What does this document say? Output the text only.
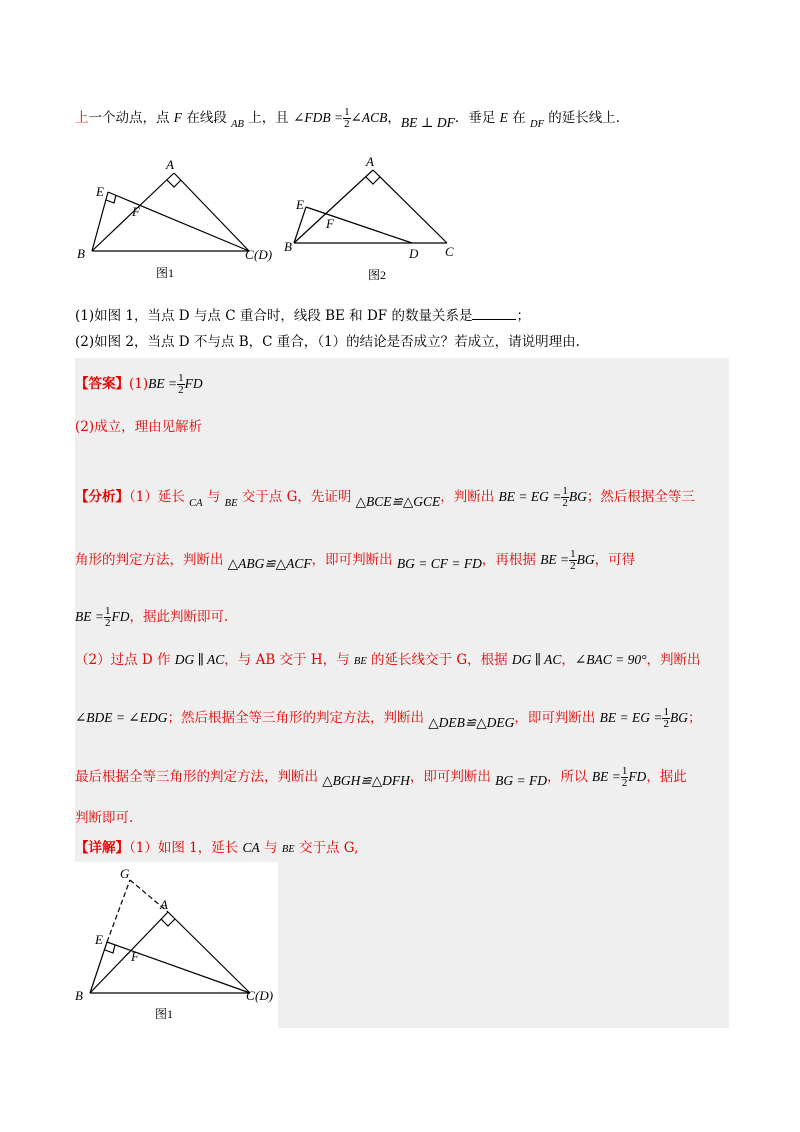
上一个动点，点 F 在线段 $_{AB}$ 上，且 ∠FDB = $\frac{1}{2}$ ∠ACB，BE ⊥ DF．垂足 E 在 $_{DF}$ 的延长线上．
A
E
F
B	C (D)
图1
A
E
F
B	D C
图2
(1)如图 1，当点 D 与点 C 重合时，线段 BE 和 DF 的数量关系是	；
(2)如图 2，当点 D 不与点 B，C 重合，（1）的结论是否成立？若成立，请说明理由.
【答案】$(1)BE = \frac{1}{2}$ FD
(2)成立，理由见解析
【分析】（1）延长 $_{CA}$ 与 $_{BE}$ 交于点 G，先证明 △BCE≌△GCE，判断出 BE = EG = $\frac{1}{2}$ BG；然后根据全等三
角形的判定方法，判断出 △ABG≌△ACF，即可判断出 BG = CF = FD，再根据 BE = $\frac{1}{2}$ BG，可得
BE = $\frac{1}{2}$ FD，据此判断即可.
（2）过点 D 作 DG ∥ AC，与 AB 交于 H，与 BE 的延长线交于 G，根据 DG ∥ AC，∠BAC = 90°，判断出
∠BDE = ∠EDG；然后根据全等三角形的判定方法，判断出 △DEB≌△DEG，即可判断出 BE = EG = $\frac{1}{2}$ BG；
最后根据全等三角形的判定方法，判断出 △BGH≌△DFH，即可判断出 BG = FD，所以 BE = $\frac{1}{2}$ FD，据此
判断即可.
【详解】（1）如图 1，延长 CA 与 BE 交于点 G,
G
A
E
F
B	C (D)
图1
